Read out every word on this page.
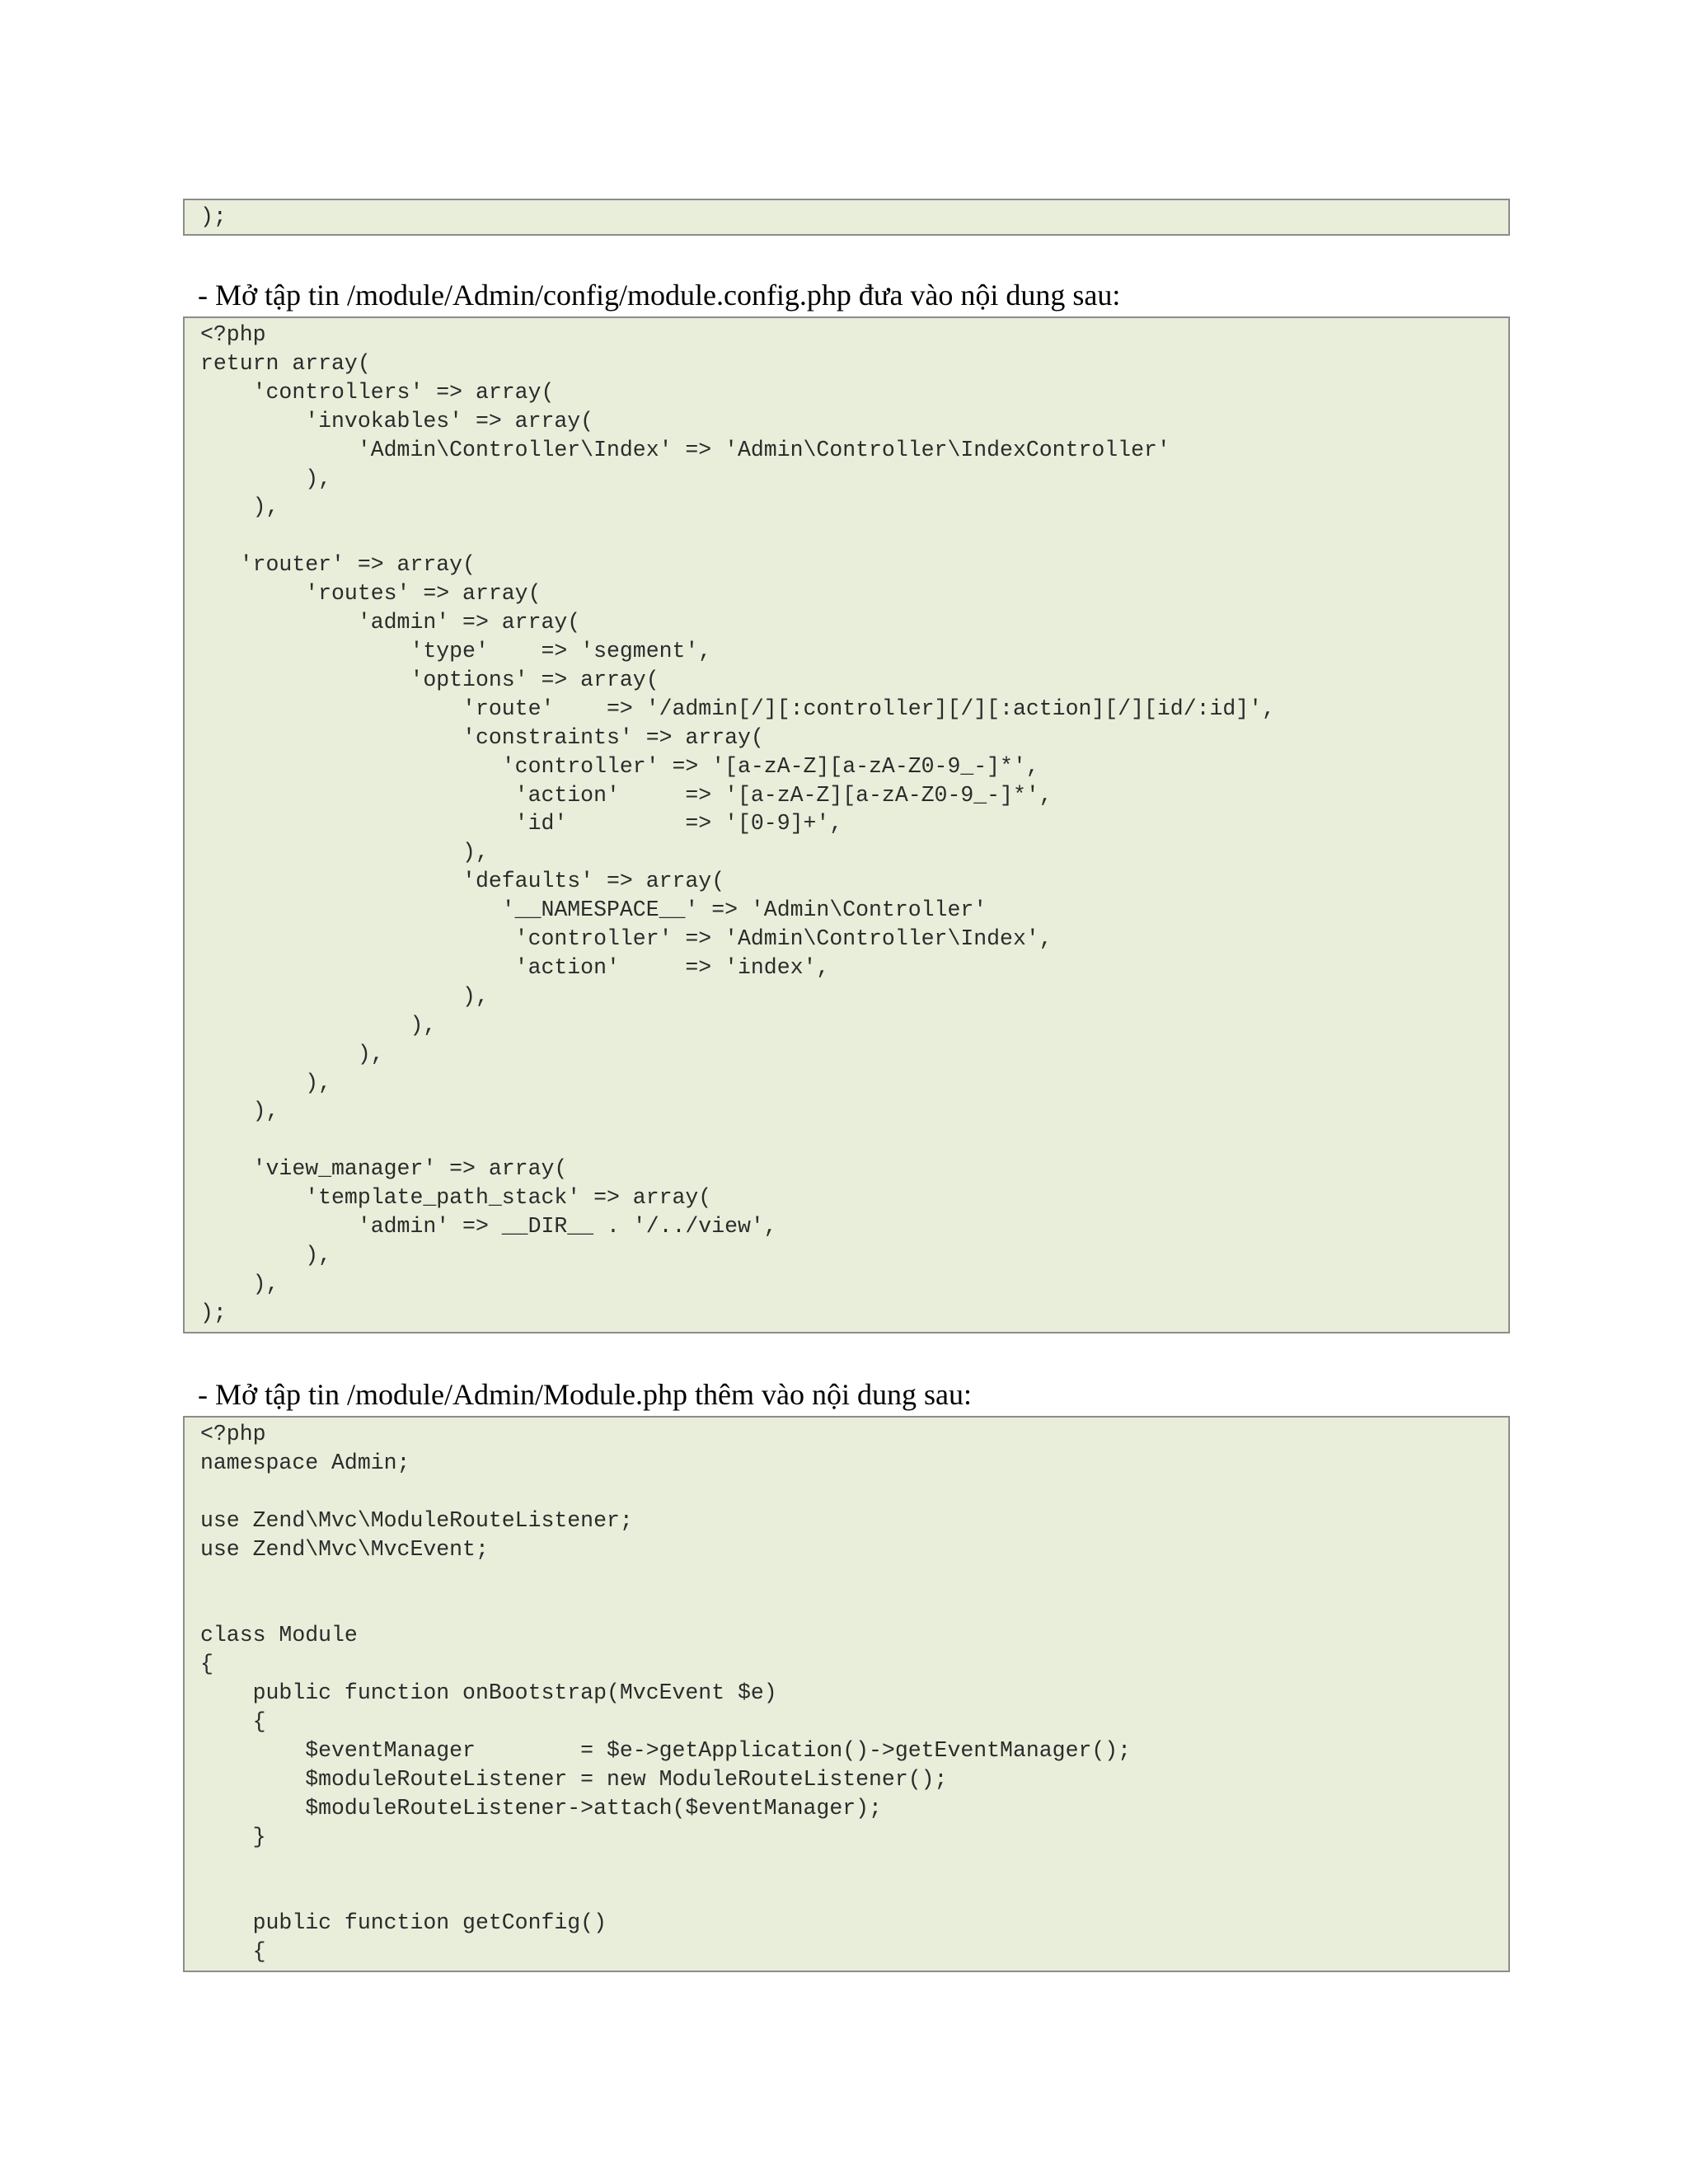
);
- Mở tập tin /module/Admin/config/module.config.php đưa vào nội dung sau:
<?php
return array(
'controllers' => array(
'invokables' => array(
'Admin\Controller\Index' => 'Admin\Controller\IndexController'
),
),

'router' => array(
'routes' => array(
'admin' => array(
'type'    => 'segment',
'options' => array(
'route'    => '/admin[/][:controller][/][:action][/][id/:id]',
'constraints' => array(
'controller' => '[a-zA-Z][a-zA-Z0-9_-]*',
'action'     => '[a-zA-Z][a-zA-Z0-9_-]*',
'id'         => '[0-9]+',
),
'defaults' => array(
'__NAMESPACE__' => 'Admin\Controller'
'controller' => 'Admin\Controller\Index',
'action'     => 'index',
),
),
),
),
),

'view_manager' => array(
'template_path_stack' => array(
'admin' => __DIR__ . '/../view',
),
),
);
- Mở tập tin /module/Admin/Module.php thêm vào nội dung sau:
<?php
namespace Admin;

use Zend\Mvc\ModuleRouteListener;
use Zend\Mvc\MvcEvent;

class Module
{
public function onBootstrap(MvcEvent $e)
{
$eventManager        = $e->getApplication()->getEventManager();
$moduleRouteListener = new ModuleRouteListener();
$moduleRouteListener->attach($eventManager);
}

public function getConfig()
{
